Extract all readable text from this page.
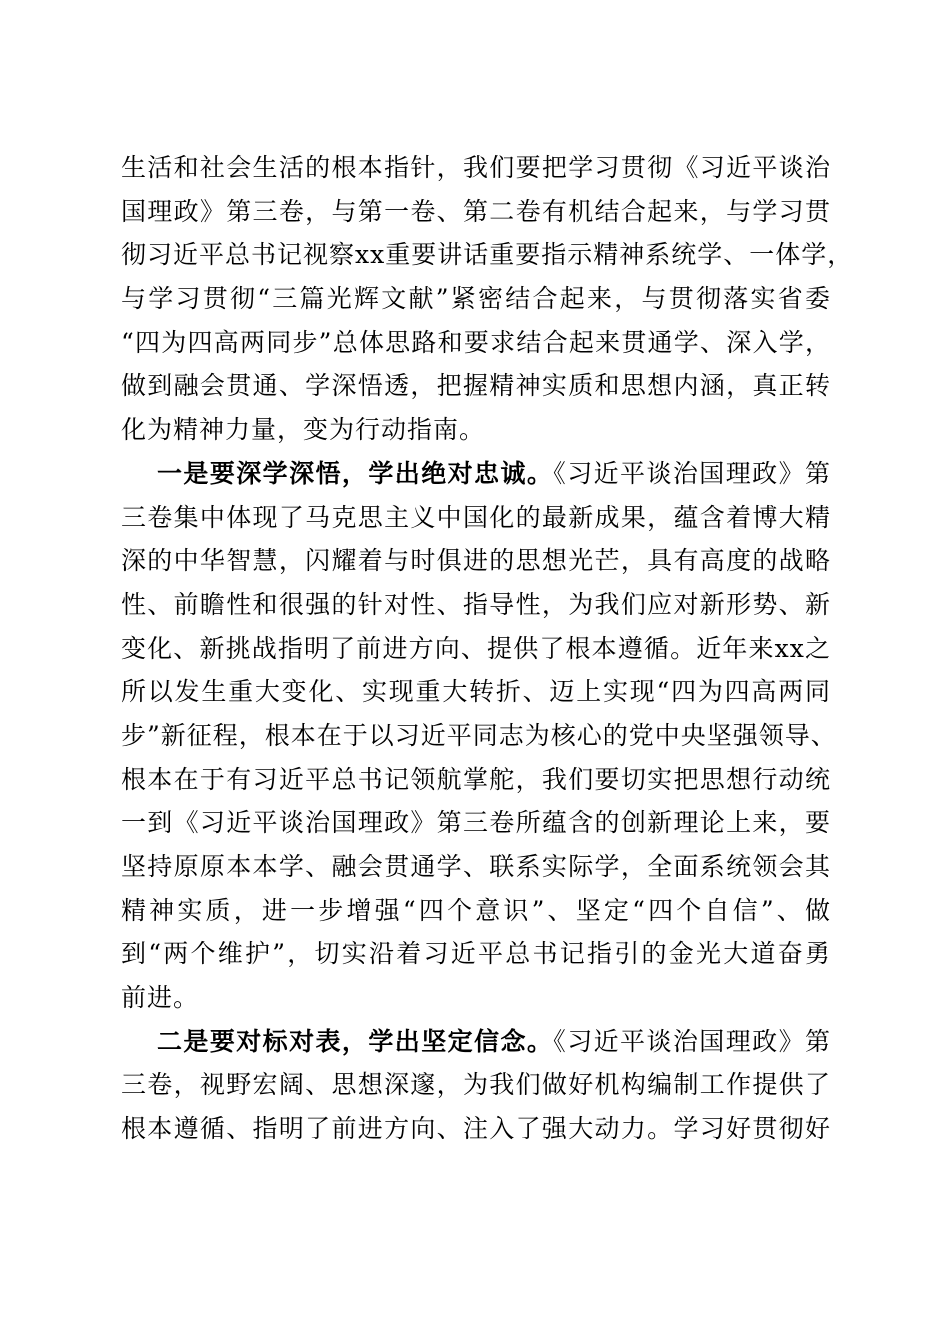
生活和社会生活的根本指针，我们要把学习贯彻《习近平谈治
国理政》第三卷，与第一卷、第二卷有机结合起来，与学习贯
彻习近平总书记视察xx重要讲话重要指示精神系统学、一体学，
与学习贯彻“三篇光辉文献”紧密结合起来，与贯彻落实省委
“四为四高两同步”总体思路和要求结合起来贯通学、深入学，
做到融会贯通、学深悟透，把握精神实质和思想内涵，真正转
化为精神力量，变为行动指南。
一是要深学深悟，学出绝对忠诚。《习近平谈治国理政》第
三卷集中体现了马克思主义中国化的最新成果，蕴含着博大精
深的中华智慧，闪耀着与时俱进的思想光芒，具有高度的战略
性、前瞻性和很强的针对性、指导性，为我们应对新形势、新
变化、新挑战指明了前进方向、提供了根本遵循。近年来xx之
所以发生重大变化、实现重大转折、迈上实现“四为四高两同
步”新征程，根本在于以习近平同志为核心的党中央坚强领导、
根本在于有习近平总书记领航掌舵，我们要切实把思想行动统
一到《习近平谈治国理政》第三卷所蕴含的创新理论上来，要
坚持原原本本学、融会贯通学、联系实际学，全面系统领会其
精神实质，进一步增强“四个意识”、坚定“四个自信”、做
到“两个维护”，切实沿着习近平总书记指引的金光大道奋勇
前进。
二是要对标对表，学出坚定信念。《习近平谈治国理政》第
三卷，视野宏阔、思想深邃，为我们做好机构编制工作提供了
根本遵循、指明了前进方向、注入了强大动力。学习好贯彻好
